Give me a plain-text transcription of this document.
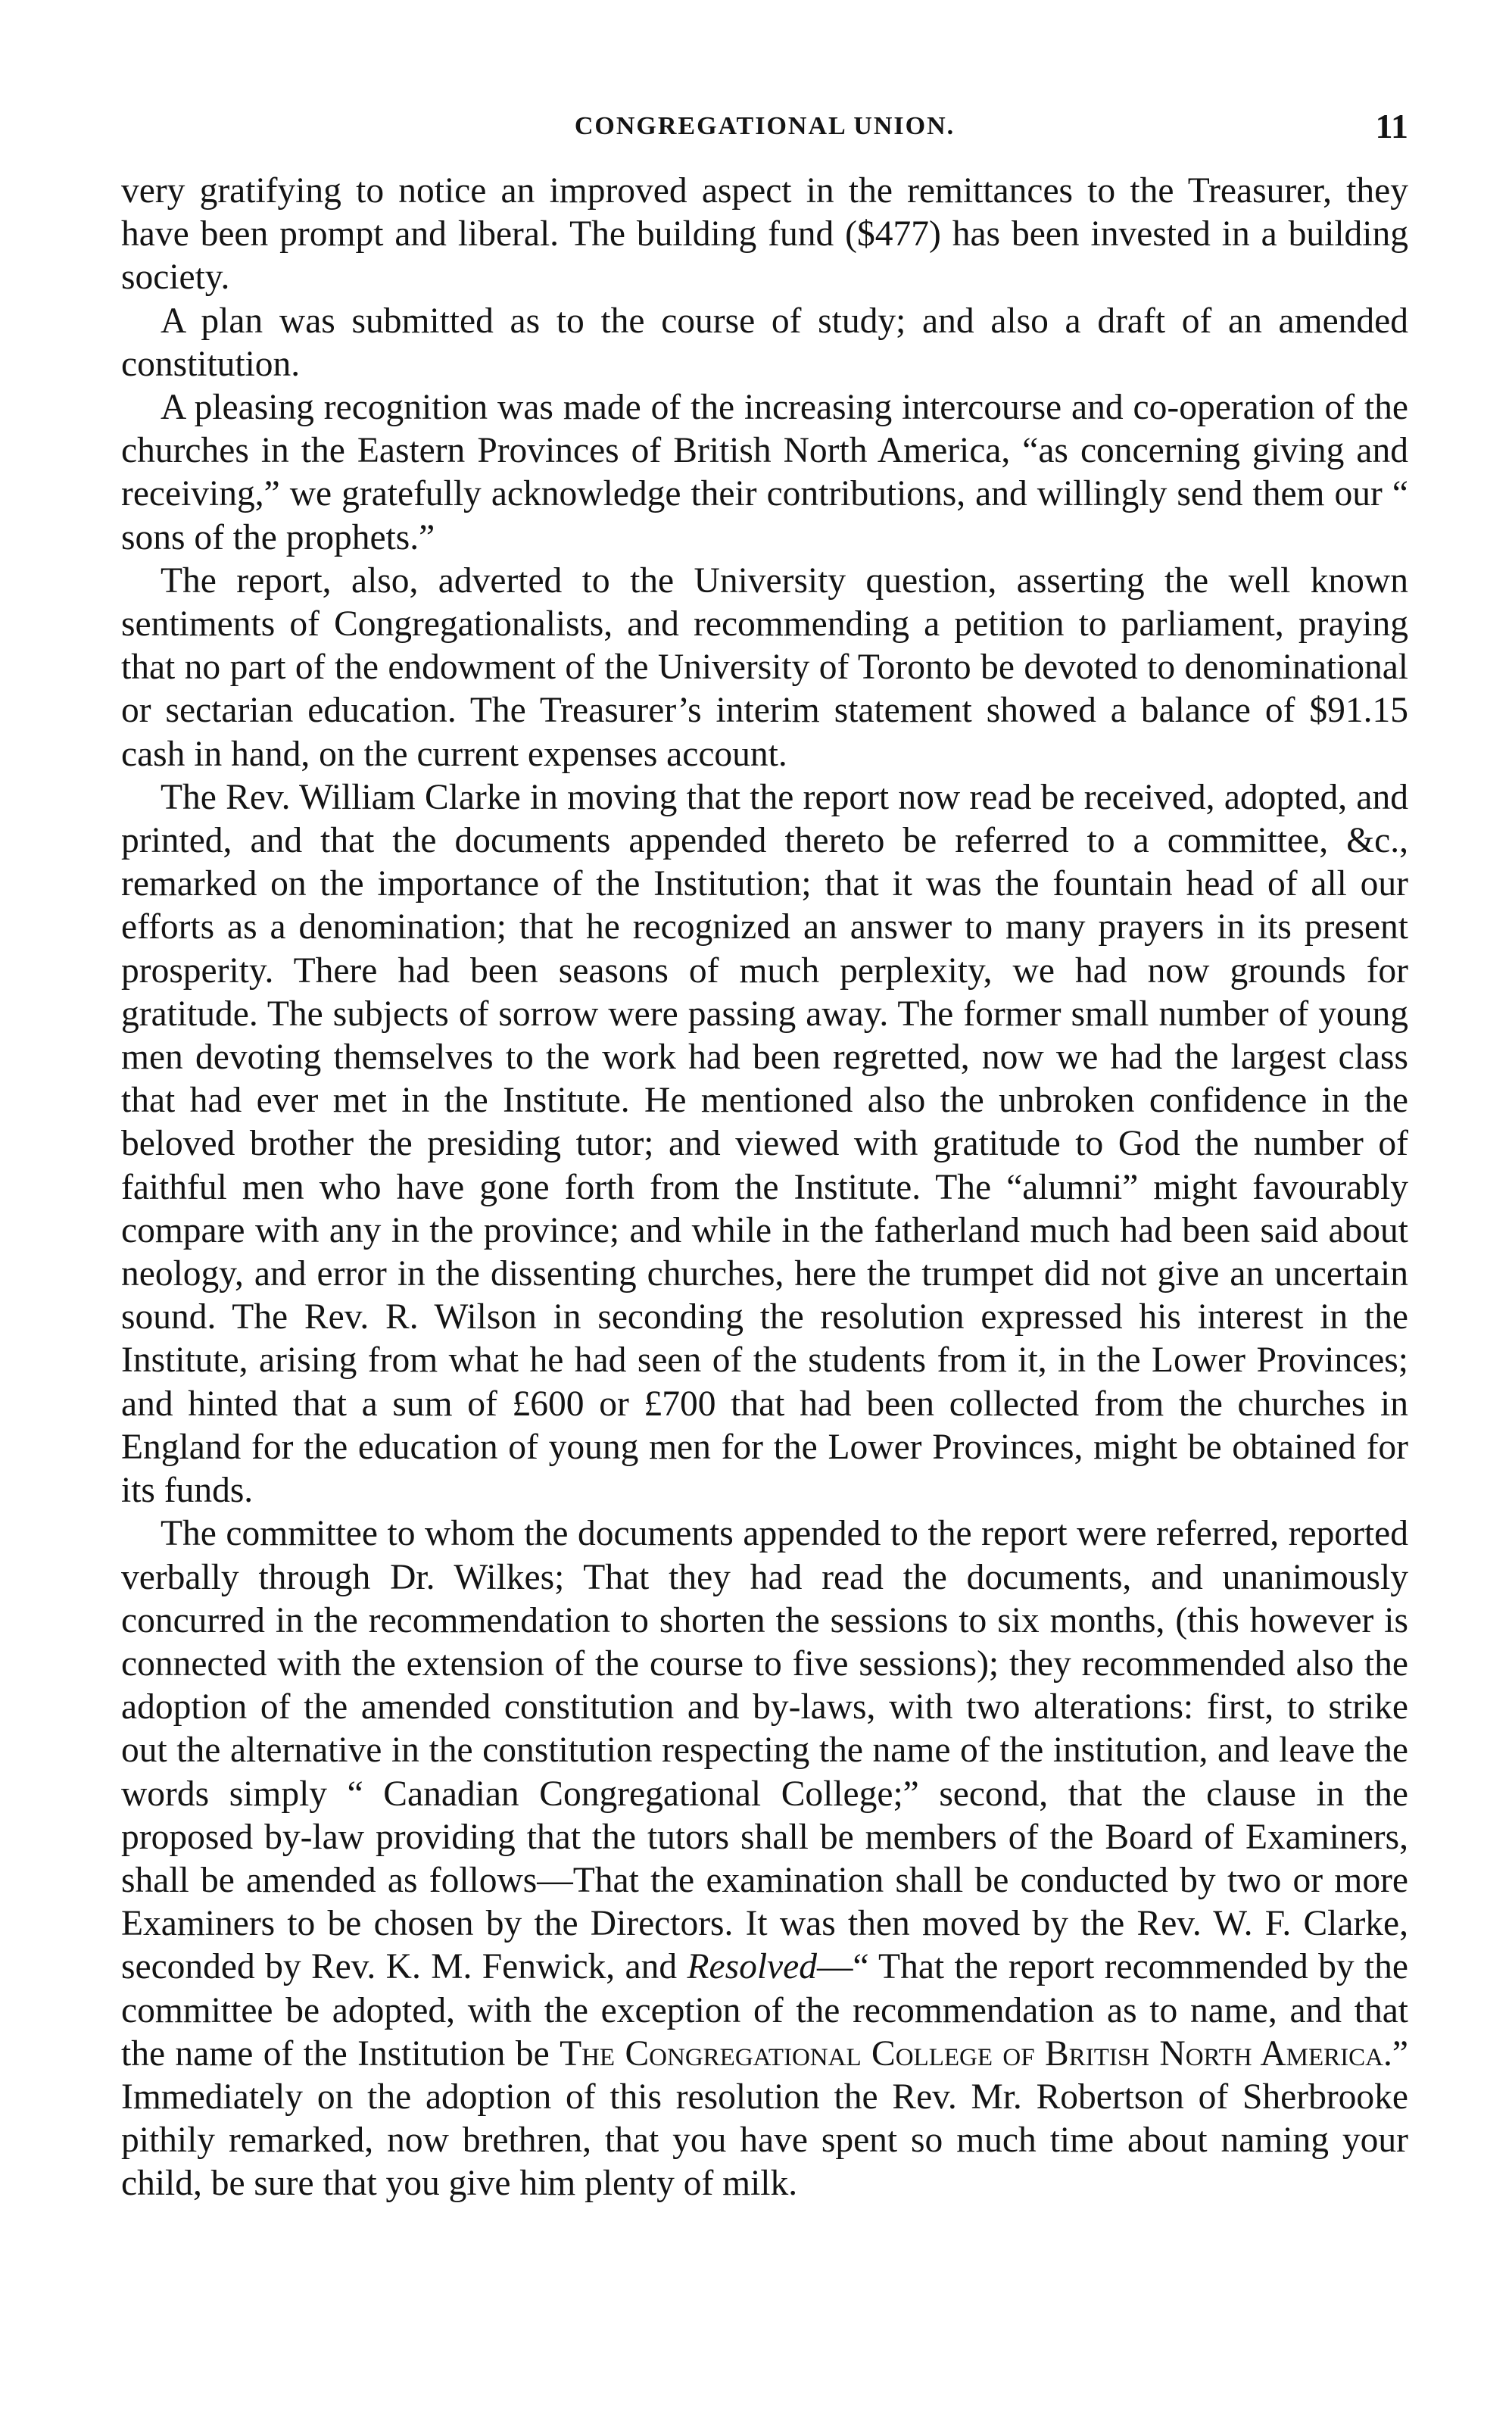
CONGREGATIONAL UNION.	11

very gratifying to notice an improved aspect in the remittances to the Treasurer, they have been prompt and liberal. The building fund ($477) has been invested in a building society.

A plan was submitted as to the course of study; and also a draft of an amended constitution.

A pleasing recognition was made of the increasing intercourse and co-operation of the churches in the Eastern Provinces of British North America, “as concerning giving and receiving,” we gratefully acknowledge their contributions, and willingly send them our “ sons of the prophets.”

The report, also, adverted to the University question, asserting the well known sentiments of Congregationalists, and recommending a petition to parliament, praying that no part of the endowment of the University of Toronto be devoted to denominational or sectarian education. The Treasurer’s interim statement showed a balance of $91.15 cash in hand, on the current expenses account.

The Rev. William Clarke in moving that the report now read be received, adopted, and printed, and that the documents appended thereto be referred to a committee, &c., remarked on the importance of the Institution; that it was the fountain head of all our efforts as a denomination; that he recognized an answer to many prayers in its present prosperity. There had been seasons of much perplexity, we had now grounds for gratitude. The subjects of sorrow were passing away. The former small number of young men devoting themselves to the work had been regretted, now we had the largest class that had ever met in the Institute. He mentioned also the unbroken confidence in the beloved brother the presiding tutor; and viewed with gratitude to God the number of faithful men who have gone forth from the Institute. The “alumni” might favourably compare with any in the province; and while in the fatherland much had been said about neology, and error in the dissenting churches, here the trumpet did not give an uncertain sound. The Rev. R. Wilson in seconding the resolution expressed his interest in the Institute, arising from what he had seen of the students from it, in the Lower Provinces; and hinted that a sum of £600 or £700 that had been collected from the churches in England for the education of young men for the Lower Provinces, might be obtained for its funds.

The committee to whom the documents appended to the report were referred, reported verbally through Dr. Wilkes; That they had read the documents, and unanimously concurred in the recommendation to shorten the sessions to six months, (this however is connected with the extension of the course to five sessions); they recommended also the adoption of the amended constitution and by-laws, with two alterations: first, to strike out the alternative in the constitution respecting the name of the institution, and leave the words simply “ Canadian Congregational College;” second, that the clause in the proposed by-law providing that the tutors shall be members of the Board of Examiners, shall be amended as follows—That the examination shall be conducted by two or more Examiners to be chosen by the Directors. It was then moved by the Rev. W. F. Clarke, seconded by Rev. K. M. Fenwick, and Resolved—“ That the report recommended by the committee be adopted, with the exception of the recommendation as to name, and that the name of the Institution be The Congregational College of British North America.” Immediately on the adoption of this resolution the Rev. Mr. Robertson of Sherbrooke pithily remarked, now brethren, that you have spent so much time about naming your child, be sure that you give him plenty of milk.
